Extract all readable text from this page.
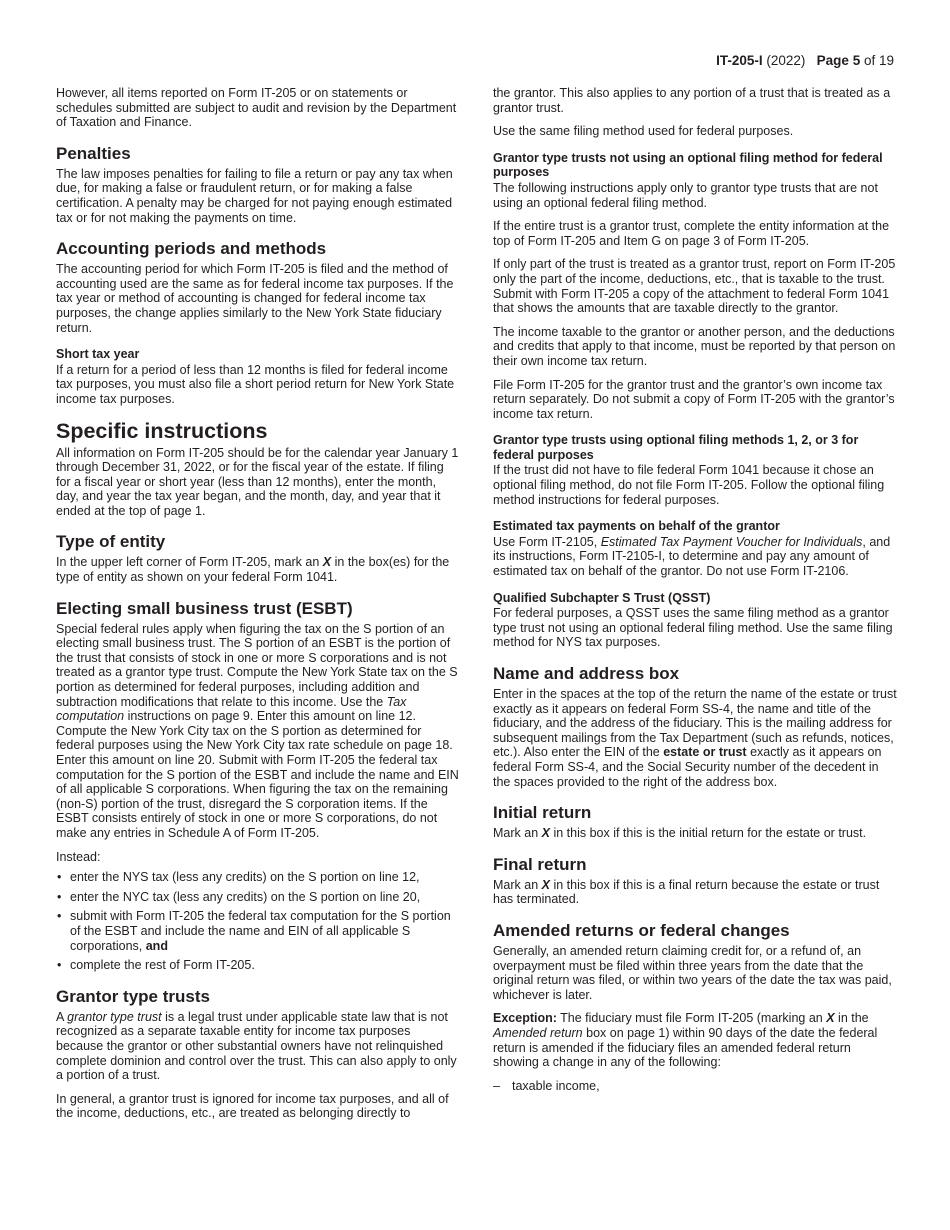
IT-205-I (2022) Page 5 of 19

However, all items reported on Form IT-205 or on statements or schedules submitted are subject to audit and revision by the Department of Taxation and Finance.

Penalties

The law imposes penalties for failing to file a return or pay any tax when due, for making a false or fraudulent return, or for making a false certification. A penalty may be charged for not paying enough estimated tax or for not making the payments on time.

Accounting periods and methods

The accounting period for which Form IT-205 is filed and the method of accounting used are the same as for federal income tax purposes. If the tax year or method of accounting is changed for federal income tax purposes, the change applies similarly to the New York State fiduciary return.

Short tax year

If a return for a period of less than 12 months is filed for federal income tax purposes, you must also file a short period return for New York State income tax purposes.

Specific instructions

All information on Form IT-205 should be for the calendar year January 1 through December 31, 2022, or for the fiscal year of the estate. If filing for a fiscal year or short year (less than 12 months), enter the month, day, and year the tax year began, and the month, day, and year that it ended at the top of page 1.

Type of entity

In the upper left corner of Form IT-205, mark an X in the box(es) for the type of entity as shown on your federal Form 1041.

Electing small business trust (ESBT)

Special federal rules apply when figuring the tax on the S portion of an electing small business trust. The S portion of an ESBT is the portion of the trust that consists of stock in one or more S corporations and is not treated as a grantor type trust. Compute the New York State tax on the S portion as determined for federal purposes, including addition and subtraction modifications that relate to this income. Use the Tax computation instructions on page 9. Enter this amount on line 12. Compute the New York City tax on the S portion as determined for federal purposes using the New York City tax rate schedule on page 18. Enter this amount on line 20. Submit with Form IT-205 the federal tax computation for the S portion of the ESBT and include the name and EIN of all applicable S corporations. When figuring the tax on the remaining (non-S) portion of the trust, disregard the S corporation items. If the ESBT consists entirely of stock in one or more S corporations, do not make any entries in Schedule A of Form IT-205.

Instead:

• enter the NYS tax (less any credits) on the S portion on line 12,
• enter the NYC tax (less any credits) on the S portion on line 20,
• submit with Form IT-205 the federal tax computation for the S portion of the ESBT and include the name and EIN of all applicable S corporations, and
• complete the rest of Form IT-205.
Grantor type trusts

A grantor type trust is a legal trust under applicable state law that is not recognized as a separate taxable entity for income tax purposes because the grantor or other substantial owners have not relinquished complete dominion and control over the trust. This can also apply to only a portion of a trust.

In general, a grantor trust is ignored for income tax purposes, and all of the income, deductions, etc., are treated as belonging directly to

the grantor. This also applies to any portion of a trust that is treated as a grantor trust.

Use the same filing method used for federal purposes.

Grantor type trusts not using an optional filing method for federal purposes

The following instructions apply only to grantor type trusts that are not using an optional federal filing method.

If the entire trust is a grantor trust, complete the entity information at the top of Form IT-205 and Item G on page 3 of Form IT-205.

If only part of the trust is treated as a grantor trust, report on Form IT-205 only the part of the income, deductions, etc., that is taxable to the trust. Submit with Form IT-205 a copy of the attachment to federal Form 1041 that shows the amounts that are taxable directly to the grantor.

The income taxable to the grantor or another person, and the deductions and credits that apply to that income, must be reported by that person on their own income tax return.

File Form IT-205 for the grantor trust and the grantor’s own income tax return separately. Do not submit a copy of Form IT-205 with the grantor’s income tax return.

Grantor type trusts using optional filing methods 1, 2, or 3 for federal purposes

If the trust did not have to file federal Form 1041 because it chose an optional filing method, do not file Form IT-205. Follow the optional filing method instructions for federal purposes.

Estimated tax payments on behalf of the grantor

Use Form IT-2105, Estimated Tax Payment Voucher for Individuals, and its instructions, Form IT-2105-I, to determine and pay any amount of estimated tax on behalf of the grantor. Do not use Form IT-2106.

Qualified Subchapter S Trust (QSST)

For federal purposes, a QSST uses the same filing method as a grantor type trust not using an optional federal filing method. Use the same filing method for NYS tax purposes.

Name and address box

Enter in the spaces at the top of the return the name of the estate or trust exactly as it appears on federal Form SS-4, the name and title of the fiduciary, and the address of the fiduciary. This is the mailing address for subsequent mailings from the Tax Department (such as refunds, notices, etc.). Also enter the EIN of the estate or trust exactly as it appears on federal Form SS-4, and the Social Security number of the decedent in the spaces provided to the right of the address box.

Initial return

Mark an X in this box if this is the initial return for the estate or trust.

Final return

Mark an X in this box if this is a final return because the estate or trust has terminated.

Amended returns or federal changes

Generally, an amended return claiming credit for, or a refund of, an overpayment must be filed within three years from the date that the original return was filed, or within two years of the date the tax was paid, whichever is later.

Exception: The fiduciary must file Form IT-205 (marking an X in the Amended return box on page 1) within 90 days of the date the federal return is amended if the fiduciary files an amended federal return showing a change in any of the following:

– taxable income,
